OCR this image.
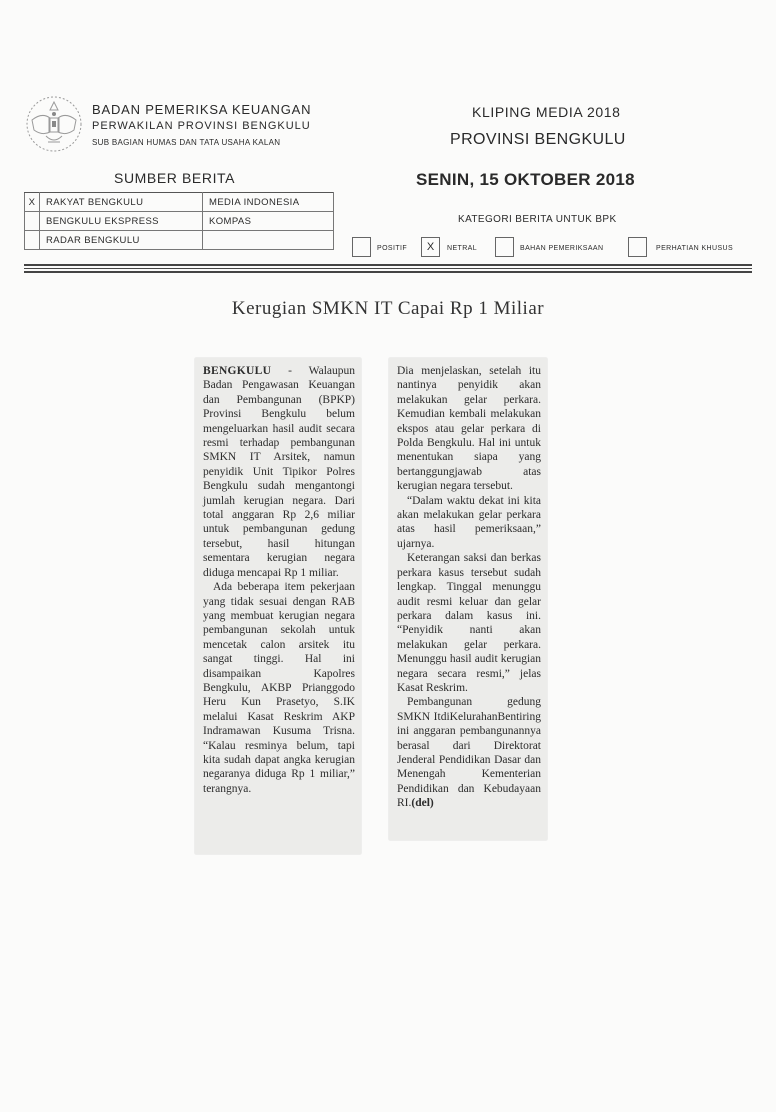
BADAN PEMERIKSA KEUANGAN
PERWAKILAN PROVINSI BENGKULU
SUB BAGIAN HUMAS DAN TATA USAHA KALAN
KLIPING MEDIA 2018
PROVINSI BENGKULU
SENIN, 15 OKTOBER 2018
SUMBER BERITA
X	RAKYAT BENGKULU	MEDIA INDONESIA
	BENGKULU EKSPRESS	KOMPAS
	RADAR BENGKULU	
KATEGORI BERITA UNTUK BPK
POSITIF	X	NETRAL	BAHAN PEMERIKSAAN	PERHATIAN KHUSUS
Kerugian SMKN IT Capai Rp 1 Miliar

BENGKULU - Walaupun Badan Pengawasan Keuangan dan Pembangunan (BPKP) Provinsi Bengkulu belum mengeluarkan hasil audit secara resmi terhadap pembangunan SMKN IT Arsitek, namun penyidik Unit Tipikor Polres Bengkulu sudah mengantongi jumlah kerugian negara. Dari total anggaran Rp 2,6 miliar untuk pembangunan gedung tersebut, hasil hitungan sementara kerugian negara diduga mencapai Rp 1 miliar.

Ada beberapa item pekerjaan yang tidak sesuai dengan RAB yang membuat kerugian negara pembangunan sekolah untuk mencetak calon arsitek itu sangat tinggi. Hal ini disampaikan Kapolres Bengkulu, AKBP Prianggodo Heru Kun Prasetyo, S.IK melalui Kasat Reskrim AKP Indramawan Kusuma Trisna. “Kalau resminya belum, tapi kita sudah dapat angka kerugian negaranya diduga Rp 1 miliar,” terangnya.

Dia menjelaskan, setelah itu nantinya penyidik akan melakukan gelar perkara. Kemudian kembali melakukan ekspos atau gelar perkara di Polda Bengkulu. Hal ini untuk menentukan siapa yang bertanggungjawab atas kerugian negara tersebut.

“Dalam waktu dekat ini kita akan melakukan gelar perkara atas hasil pemeriksaan,” ujarnya.

Keterangan saksi dan berkas perkara kasus tersebut sudah lengkap. Tinggal menunggu audit resmi keluar dan gelar perkara dalam kasus ini. “Penyidik nanti akan melakukan gelar perkara. Menunggu hasil audit kerugian negara secara resmi,” jelas Kasat Reskrim.

Pembangunan gedung SMKN ItdiKelurahanBentiring ini anggaran pembangunannya berasal dari Direktorat Jenderal Pendidikan Dasar dan Menengah Kementerian Pendidikan dan Kebudayaan RI.(del)
